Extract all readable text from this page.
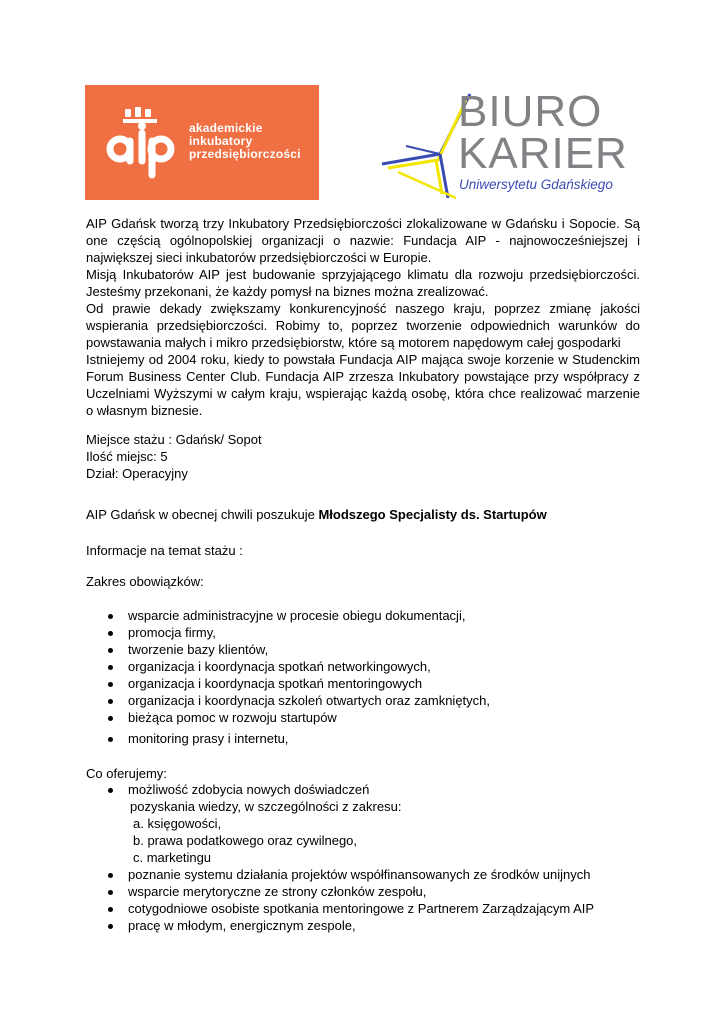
akademickie
inkubatory
przedsiębiorczości
BIURO
KARIER
Uniwersytetu Gdańskiego

AIP Gdańsk tworzą trzy Inkubatory Przedsiębiorczości zlokalizowane w Gdańsku i Sopocie. Są one częścią ogólnopolskiej organizacji o nazwie: Fundacja AIP - najnowocześniejszej i największej sieci inkubatorów przedsiębiorczości w Europie.

Misją Inkubatorów AIP jest budowanie sprzyjającego klimatu dla rozwoju przedsiębiorczości. Jesteśmy przekonani, że każdy pomysł na biznes można zrealizować.

Od prawie dekady zwiększamy konkurencyjność naszego kraju, poprzez zmianę jakości wspierania przedsiębiorczości. Robimy to, poprzez tworzenie odpowiednich warunków do powstawania małych i mikro przedsiębiorstw, które są motorem napędowym całej gospodarki

Istniejemy od 2004 roku, kiedy to powstała Fundacja AIP mająca swoje korzenie w Studenckim Forum Business Center Club. Fundacja AIP zrzesza Inkubatory powstające przy współpracy z Uczelniami Wyższymi w całym kraju, wspierając każdą osobę, która chce realizować marzenie o własnym biznesie.

Miejsce stażu : Gdańsk/ Sopot

Ilość miejsc: 5

Dział: Operacyjny

AIP Gdańsk w obecnej chwili poszukuje Młodszego Specjalisty ds. Startupów

Informacje na temat stażu :

Zakres obowiązków:

wsparcie administracyjne w procesie obiegu dokumentacji,
promocja firmy,
tworzenie bazy klientów,
organizacja i koordynacja spotkań networkingowych,
organizacja i koordynacja spotkań mentoringowych
organizacja i koordynacja szkoleń otwartych oraz zamkniętych,
bieżąca pomoc w rozwoju startupów
monitoring prasy i internetu,

Co oferujemy:

możliwość zdobycia nowych doświadczeń
pozyskania wiedzy, w szczególności z zakresu:
a. księgowości,
b. prawa podatkowego oraz cywilnego,
c. marketingu
poznanie systemu działania projektów współfinansowanych ze środków unijnych
wsparcie merytoryczne ze strony członków zespołu,
cotygodniowe osobiste spotkania mentoringowe z Partnerem Zarządzającym AIP
pracę w młodym, energicznym zespole,
